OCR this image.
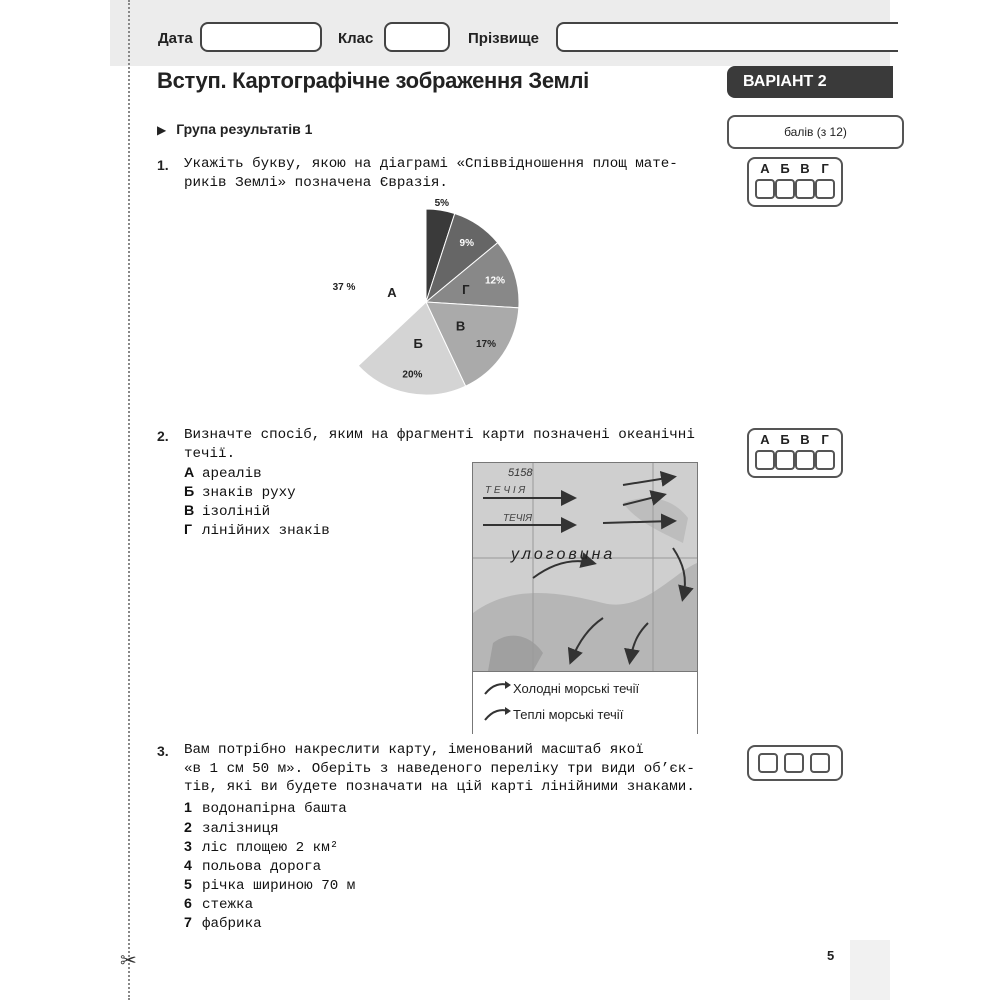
✂
Дата	Клас	Прізвище
Вступ. Картографічне зображення Землі	ВАРІАНТ 2
▶ Група результатів 1	балів (з 12)
1. Укажіть букву, якою на діаграмі «Співвідношення площ мате-
риків Землі» позначена Євразія.
А Б В Г
5%
9%
12%
Г
17%
В
20%
Б
37 % А
2. Визначте спосіб, яким на фрагменті карти позначені океанічні
течії.
А ареалів
Б знаків руху
В ізоліній
Г лінійних знаків
А Б В Г
5158
Т Е Ч І Я
ТЕЧІЯ
улоговина
Холодні морські течії
Теплі морські течії
3. Вам потрібно накреслити карту, іменований масштаб якої
«в 1 см 50 м». Оберіть з наведеного переліку три види об’єк-
тів, які ви будете позначати на цій карті лінійними знаками.
1 водонапірна башта
2 залізниця
3 ліс площею 2 км²
4 польова дорога
5 річка шириною 70 м
6 стежка
7 фабрика
5
